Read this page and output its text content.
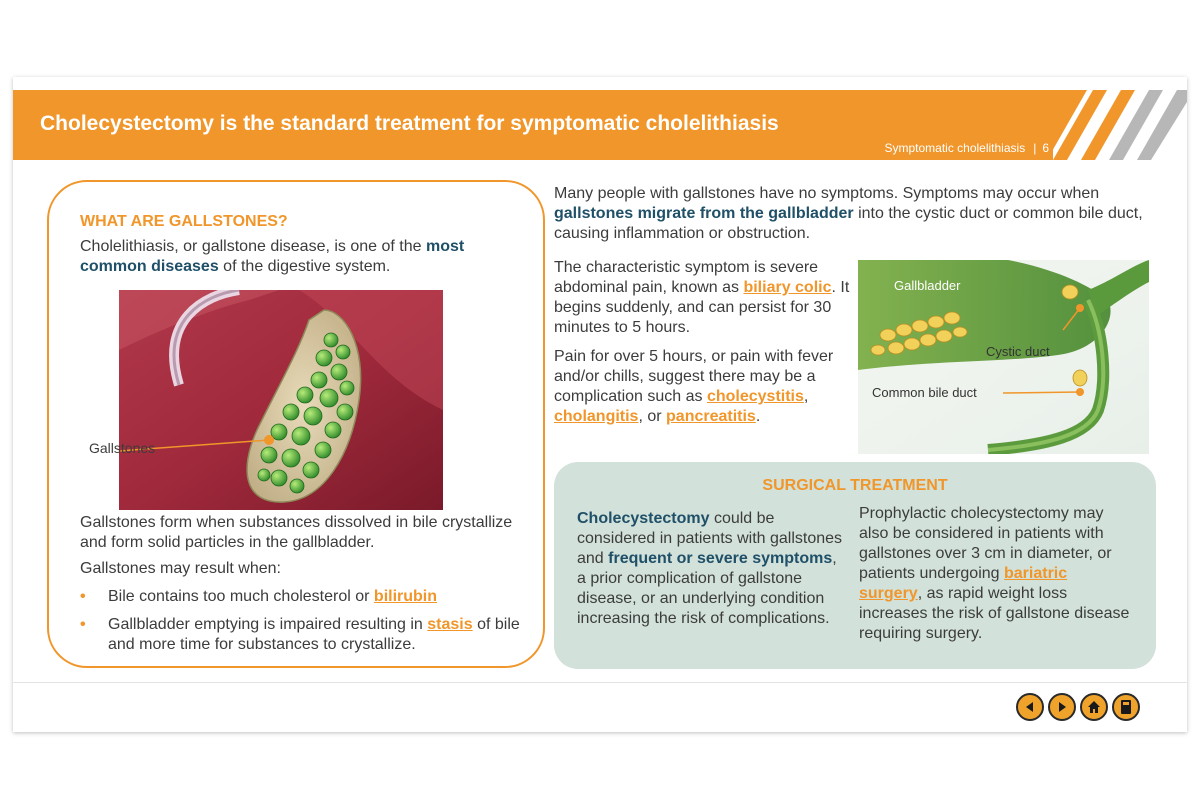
Cholecystectomy is the standard treatment for symptomatic cholelithiasis
Symptomatic cholelithiasis | 6
WHAT ARE GALLSTONES?
Cholelithiasis, or gallstone disease, is one of the most common diseases of the digestive system.
Gallstones
Gallstones form when substances dissolved in bile crystallize and form solid particles in the gallbladder.
Gallstones may result when:
• Bile contains too much cholesterol or bilirubin
• Gallbladder emptying is impaired resulting in stasis of bile and more time for substances to crystallize.
Many people with gallstones have no symptoms. Symptoms may occur when gallstones migrate from the gallbladder into the cystic duct or common bile duct, causing inflammation or obstruction.
The characteristic symptom is severe abdominal pain, known as biliary colic. It begins suddenly, and can persist for 30 minutes to 5 hours.
Pain for over 5 hours, or pain with fever and/or chills, suggest there may be a complication such as cholecystitis, cholangitis, or pancreatitis.
Gallbladder
Cystic duct
Common bile duct
SURGICAL TREATMENT
Cholecystectomy could be considered in patients with gallstones and frequent or severe symptoms, a prior complication of gallstone disease, or an underlying condition increasing the risk of complications.
Prophylactic cholecystectomy may also be considered in patients with gallstones over 3 cm in diameter, or patients undergoing bariatric surgery, as rapid weight loss increases the risk of gallstone disease requiring surgery.
